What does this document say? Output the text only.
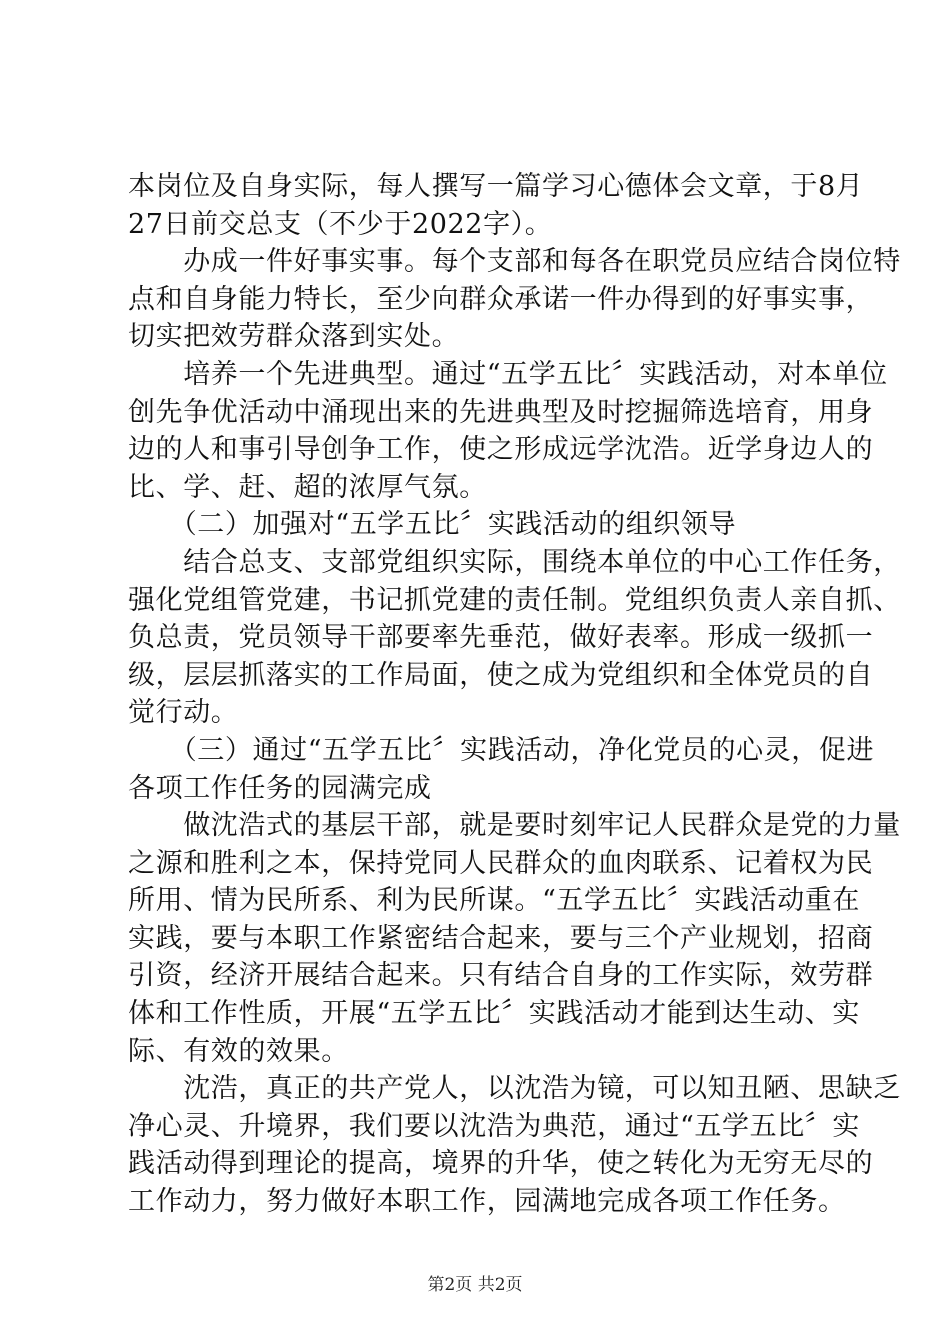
本岗位及自身实际，每人撰写一篇学习心德体会文章，于8月
27日前交总支（不少于2022字）。
　　办成一件好事实事。每个支部和每各在职党员应结合岗位特
点和自身能力特长，至少向群众承诺一件办得到的好事实事，
切实把效劳群众落到实处。
　　培养一个先进典型。通过“五学五比〞实践活动，对本单位
创先争优活动中涌现出来的先进典型及时挖掘筛选培育，用身
边的人和事引导创争工作，使之形成远学沈浩。近学身边人的
比、学、赶、超的浓厚气氛。
　　（二）加强对“五学五比〞实践活动的组织领导
　　结合总支、支部党组织实际，围绕本单位的中心工作任务，
强化党组管党建，书记抓党建的责任制。党组织负责人亲自抓、
负总责，党员领导干部要率先垂范，做好表率。形成一级抓一
级，层层抓落实的工作局面，使之成为党组织和全体党员的自
觉行动。
　　（三）通过“五学五比〞实践活动，净化党员的心灵，促进
各项工作任务的园满完成
　　做沈浩式的基层干部，就是要时刻牢记人民群众是党的力量
之源和胜利之本，保持党同人民群众的血肉联系、记着权为民
所用、情为民所系、利为民所谋。“五学五比〞实践活动重在
实践，要与本职工作紧密结合起来，要与三个产业规划，招商
引资，经济开展结合起来。只有结合自身的工作实际，效劳群
体和工作性质，开展“五学五比〞实践活动才能到达生动、实
际、有效的效果。
　　沈浩，真正的共产党人，以沈浩为镜，可以知丑陋、思缺乏
净心灵、升境界，我们要以沈浩为典范，通过“五学五比〞实
践活动得到理论的提高，境界的升华，使之转化为无穷无尽的
工作动力，努力做好本职工作，园满地完成各项工作任务。
第2页 共2页
